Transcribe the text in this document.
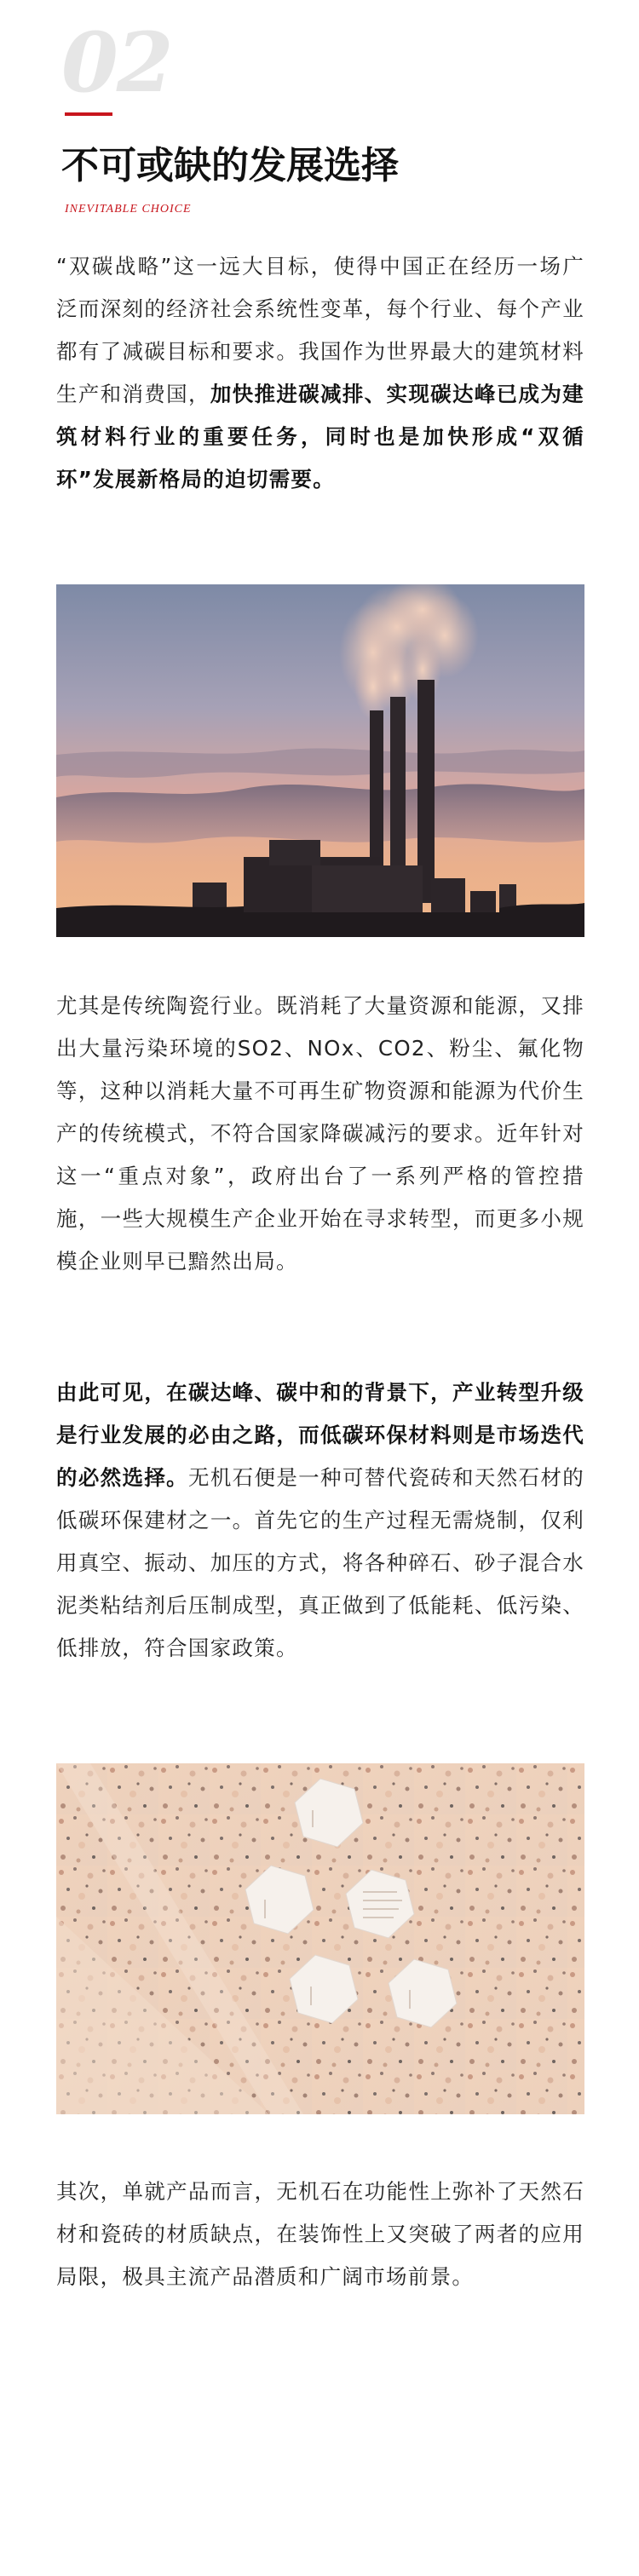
02
不可或缺的发展选择
INEVITABLE CHOICE
“双碳战略”这一远大目标，使得中国正在经历一场广泛而深刻的经济社会系统性变革，每个行业、每个产业都有了减碳目标和要求。我国作为世界最大的建筑材料生产和消费国，加快推进碳减排、实现碳达峰已成为建筑材料行业的重要任务，同时也是加快形成“双循环”发展新格局的迫切需要。
尤其是传统陶瓷行业。既消耗了大量资源和能源，又排出大量污染环境的SO2、NOx、CO2、粉尘、氟化物等，这种以消耗大量不可再生矿物资源和能源为代价生产的传统模式，不符合国家降碳减污的要求。近年针对这一“重点对象”，政府出台了一系列严格的管控措施，一些大规模生产企业开始在寻求转型，而更多小规模企业则早已黯然出局。
由此可见，在碳达峰、碳中和的背景下，产业转型升级是行业发展的必由之路，而低碳环保材料则是市场迭代的必然选择。无机石便是一种可替代瓷砖和天然石材的低碳环保建材之一。首先它的生产过程无需烧制，仅利用真空、振动、加压的方式，将各种碎石、砂子混合水泥类粘结剂后压制成型，真正做到了低能耗、低污染、低排放，符合国家政策。
其次，单就产品而言，无机石在功能性上弥补了天然石材和瓷砖的材质缺点，在装饰性上又突破了两者的应用局限，极具主流产品潜质和广阔市场前景。
